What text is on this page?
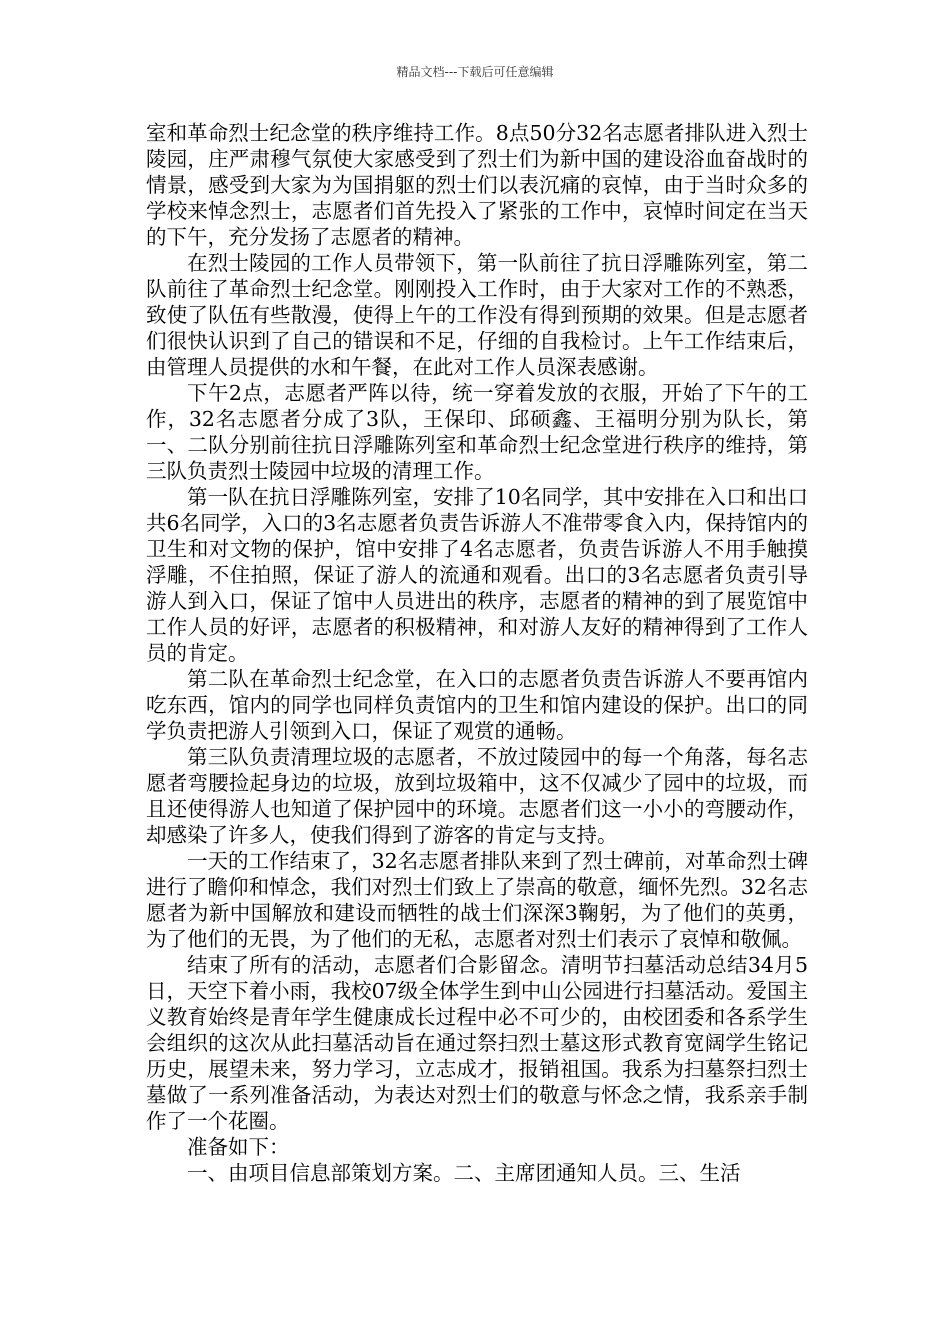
精品文档---下载后可任意编辑

室和革命烈士纪念堂的秩序维持工作。8点50分32名志愿者排队进入烈士陵园，庄严肃穆气氛使大家感受到了烈士们为新中国的建设浴血奋战时的情景，感受到大家为为国捐躯的烈士们以表沉痛的哀悼，由于当时众多的学校来悼念烈士，志愿者们首先投入了紧张的工作中，哀悼时间定在当天的下午，充分发扬了志愿者的精神。

在烈士陵园的工作人员带领下，第一队前往了抗日浮雕陈列室，第二队前往了革命烈士纪念堂。刚刚投入工作时，由于大家对工作的不熟悉，致使了队伍有些散漫，使得上午的工作没有得到预期的效果。但是志愿者们很快认识到了自己的错误和不足，仔细的自我检讨。上午工作结束后，由管理人员提供的水和午餐，在此对工作人员深表感谢。

下午2点，志愿者严阵以待，统一穿着发放的衣服，开始了下午的工作，32名志愿者分成了3队，王保印、邱硕鑫、王福明分别为队长，第一、二队分别前往抗日浮雕陈列室和革命烈士纪念堂进行秩序的维持，第三队负责烈士陵园中垃圾的清理工作。

第一队在抗日浮雕陈列室，安排了10名同学，其中安排在入口和出口共6名同学，入口的3名志愿者负责告诉游人不准带零食入内，保持馆内的卫生和对文物的保护，馆中安排了4名志愿者，负责告诉游人不用手触摸浮雕，不住拍照，保证了游人的流通和观看。出口的3名志愿者负责引导游人到入口，保证了馆中人员进出的秩序，志愿者的精神的到了展览馆中工作人员的好评，志愿者的积极精神，和对游人友好的精神得到了工作人员的肯定。

第二队在革命烈士纪念堂，在入口的志愿者负责告诉游人不要再馆内吃东西，馆内的同学也同样负责馆内的卫生和馆内建设的保护。出口的同学负责把游人引领到入口，保证了观赏的通畅。

第三队负责清理垃圾的志愿者，不放过陵园中的每一个角落，每名志愿者弯腰捡起身边的垃圾，放到垃圾箱中，这不仅减少了园中的垃圾，而且还使得游人也知道了保护园中的环境。志愿者们这一小小的弯腰动作，却感染了许多人，使我们得到了游客的肯定与支持。

一天的工作结束了，32名志愿者排队来到了烈士碑前，对革命烈士碑进行了瞻仰和悼念，我们对烈士们致上了崇高的敬意，缅怀先烈。32名志愿者为新中国解放和建设而牺牲的战士们深深3鞠躬，为了他们的英勇，为了他们的无畏，为了他们的无私，志愿者对烈士们表示了哀悼和敬佩。

结束了所有的活动，志愿者们合影留念。清明节扫墓活动总结34月5日，天空下着小雨，我校07级全体学生到中山公园进行扫墓活动。爱国主义教育始终是青年学生健康成长过程中必不可少的，由校团委和各系学生会组织的这次从此扫墓活动旨在通过祭扫烈士墓这形式教育宽阔学生铭记历史，展望未来，努力学习，立志成才，报销祖国。我系为扫墓祭扫烈士墓做了一系列准备活动，为表达对烈士们的敬意与怀念之情，我系亲手制作了一个花圈。

准备如下：

一、由项目信息部策划方案。二、主席团通知人员。三、生活
